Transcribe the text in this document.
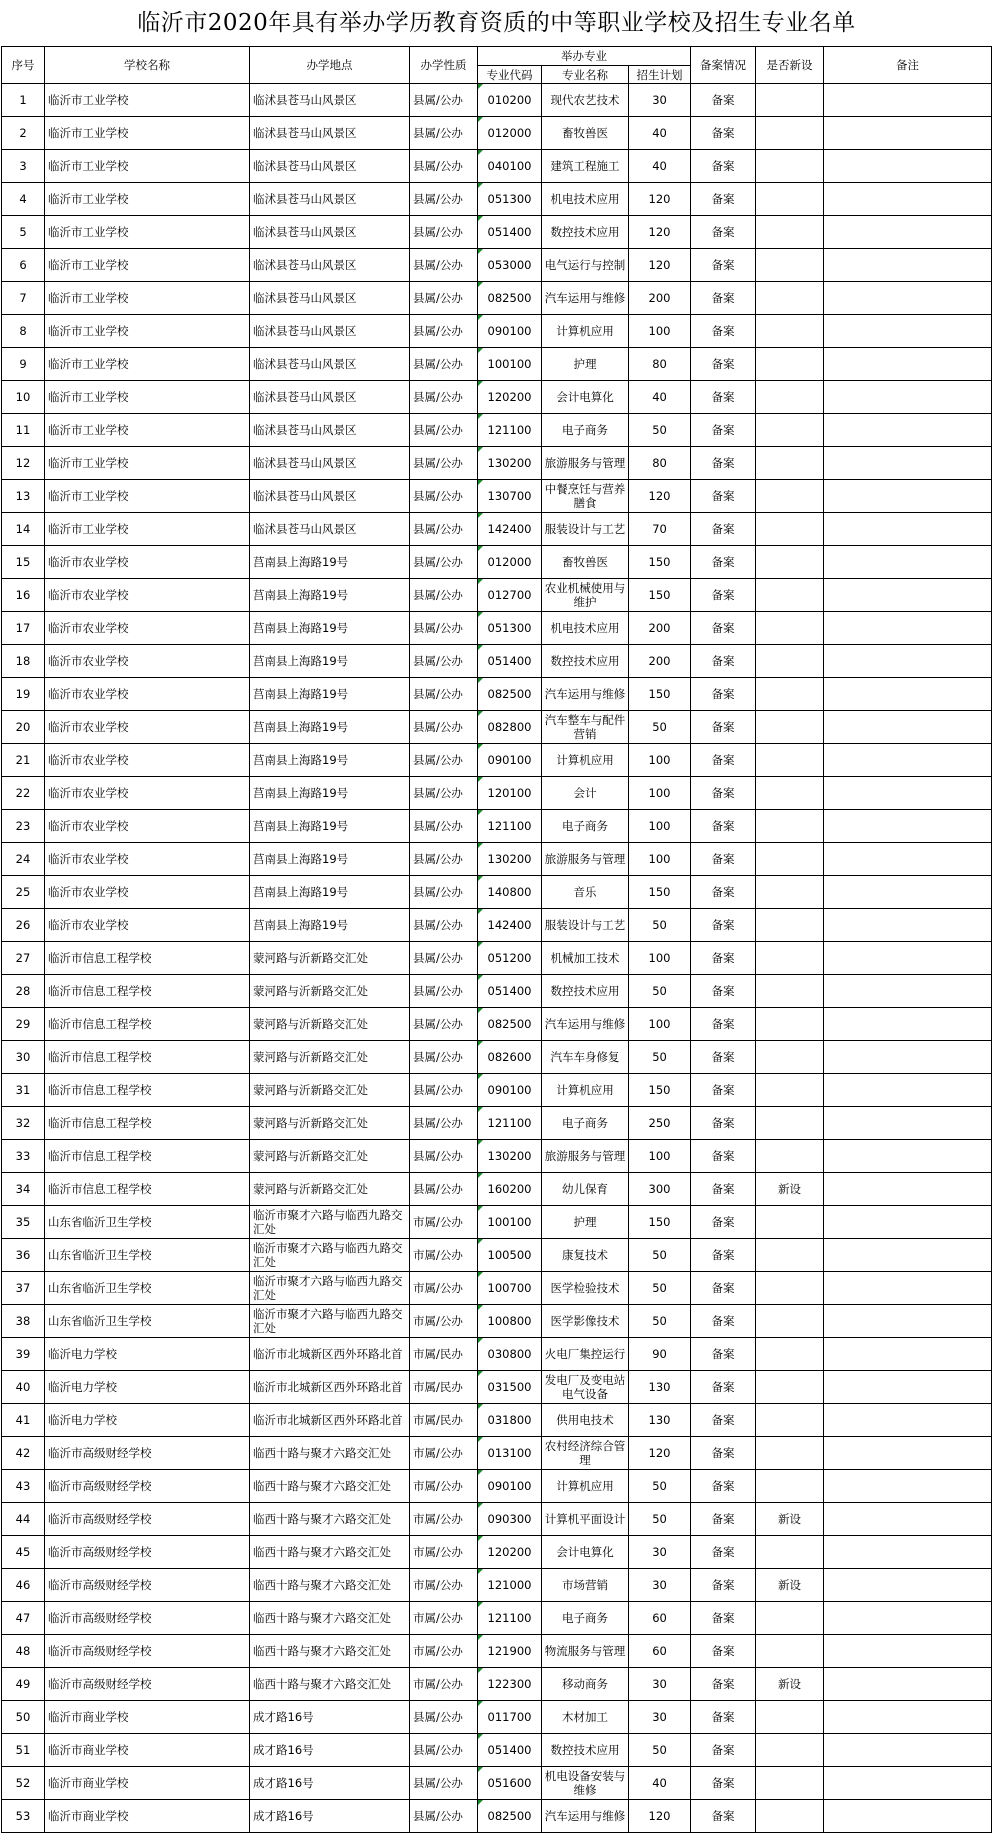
临沂市2020年具有举办学历教育资质的中等职业学校及招生专业名单
序号	学校名称	办学地点	办学性质	举办专业			备案情况	是否新设	备注
				专业代码	专业名称	招生计划			
1	临沂市工业学校	临沭县苍马山风景区	县属/公办	010200	现代农艺技术	30	备案		
2	临沂市工业学校	临沭县苍马山风景区	县属/公办	012000	畜牧兽医	40	备案		
3	临沂市工业学校	临沭县苍马山风景区	县属/公办	040100	建筑工程施工	40	备案		
4	临沂市工业学校	临沭县苍马山风景区	县属/公办	051300	机电技术应用	120	备案		
5	临沂市工业学校	临沭县苍马山风景区	县属/公办	051400	数控技术应用	120	备案		
6	临沂市工业学校	临沭县苍马山风景区	县属/公办	053000	电气运行与控制	120	备案		
7	临沂市工业学校	临沭县苍马山风景区	县属/公办	082500	汽车运用与维修	200	备案		
8	临沂市工业学校	临沭县苍马山风景区	县属/公办	090100	计算机应用	100	备案		
9	临沂市工业学校	临沭县苍马山风景区	县属/公办	100100	护理	80	备案		
10	临沂市工业学校	临沭县苍马山风景区	县属/公办	120200	会计电算化	40	备案		
11	临沂市工业学校	临沭县苍马山风景区	县属/公办	121100	电子商务	50	备案		
12	临沂市工业学校	临沭县苍马山风景区	县属/公办	130200	旅游服务与管理	80	备案		
13	临沂市工业学校	临沭县苍马山风景区	县属/公办	130700	中餐烹饪与营养膳食	120	备案		
14	临沂市工业学校	临沭县苍马山风景区	县属/公办	142400	服装设计与工艺	70	备案		
15	临沂市农业学校	莒南县上海路19号	县属/公办	012000	畜牧兽医	150	备案		
16	临沂市农业学校	莒南县上海路19号	县属/公办	012700	农业机械使用与维护	150	备案		
17	临沂市农业学校	莒南县上海路19号	县属/公办	051300	机电技术应用	200	备案		
18	临沂市农业学校	莒南县上海路19号	县属/公办	051400	数控技术应用	200	备案		
19	临沂市农业学校	莒南县上海路19号	县属/公办	082500	汽车运用与维修	150	备案		
20	临沂市农业学校	莒南县上海路19号	县属/公办	082800	汽车整车与配件营销	50	备案		
21	临沂市农业学校	莒南县上海路19号	县属/公办	090100	计算机应用	100	备案		
22	临沂市农业学校	莒南县上海路19号	县属/公办	120100	会计	100	备案		
23	临沂市农业学校	莒南县上海路19号	县属/公办	121100	电子商务	100	备案		
24	临沂市农业学校	莒南县上海路19号	县属/公办	130200	旅游服务与管理	100	备案		
25	临沂市农业学校	莒南县上海路19号	县属/公办	140800	音乐	150	备案		
26	临沂市农业学校	莒南县上海路19号	县属/公办	142400	服装设计与工艺	50	备案		
27	临沂市信息工程学校	蒙河路与沂新路交汇处	县属/公办	051200	机械加工技术	100	备案		
28	临沂市信息工程学校	蒙河路与沂新路交汇处	县属/公办	051400	数控技术应用	50	备案		
29	临沂市信息工程学校	蒙河路与沂新路交汇处	县属/公办	082500	汽车运用与维修	100	备案		
30	临沂市信息工程学校	蒙河路与沂新路交汇处	县属/公办	082600	汽车车身修复	50	备案		
31	临沂市信息工程学校	蒙河路与沂新路交汇处	县属/公办	090100	计算机应用	150	备案		
32	临沂市信息工程学校	蒙河路与沂新路交汇处	县属/公办	121100	电子商务	250	备案		
33	临沂市信息工程学校	蒙河路与沂新路交汇处	县属/公办	130200	旅游服务与管理	100	备案		
34	临沂市信息工程学校	蒙河路与沂新路交汇处	县属/公办	160200	幼儿保育	300	备案	新设	
35	山东省临沂卫生学校	临沂市聚才六路与临西九路交汇处	市属/公办	100100	护理	150	备案		
36	山东省临沂卫生学校	临沂市聚才六路与临西九路交汇处	市属/公办	100500	康复技术	50	备案		
37	山东省临沂卫生学校	临沂市聚才六路与临西九路交汇处	市属/公办	100700	医学检验技术	50	备案		
38	山东省临沂卫生学校	临沂市聚才六路与临西九路交汇处	市属/公办	100800	医学影像技术	50	备案		
39	临沂电力学校	临沂市北城新区西外环路北首	市属/民办	030800	火电厂集控运行	90	备案		
40	临沂电力学校	临沂市北城新区西外环路北首	市属/民办	031500	发电厂及变电站电气设备	130	备案		
41	临沂电力学校	临沂市北城新区西外环路北首	市属/民办	031800	供用电技术	130	备案		
42	临沂市高级财经学校	临西十路与聚才六路交汇处	市属/公办	013100	农村经济综合管理	120	备案		
43	临沂市高级财经学校	临西十路与聚才六路交汇处	市属/公办	090100	计算机应用	50	备案		
44	临沂市高级财经学校	临西十路与聚才六路交汇处	市属/公办	090300	计算机平面设计	50	备案	新设	
45	临沂市高级财经学校	临西十路与聚才六路交汇处	市属/公办	120200	会计电算化	30	备案		
46	临沂市高级财经学校	临西十路与聚才六路交汇处	市属/公办	121000	市场营销	30	备案	新设	
47	临沂市高级财经学校	临西十路与聚才六路交汇处	市属/公办	121100	电子商务	60	备案		
48	临沂市高级财经学校	临西十路与聚才六路交汇处	市属/公办	121900	物流服务与管理	60	备案		
49	临沂市高级财经学校	临西十路与聚才六路交汇处	市属/公办	122300	移动商务	30	备案	新设	
50	临沂市商业学校	成才路16号	县属/公办	011700	木材加工	30	备案		
51	临沂市商业学校	成才路16号	县属/公办	051400	数控技术应用	50	备案		
52	临沂市商业学校	成才路16号	县属/公办	051600	机电设备安装与维修	40	备案		
53	临沂市商业学校	成才路16号	县属/公办	082500	汽车运用与维修	120	备案		
